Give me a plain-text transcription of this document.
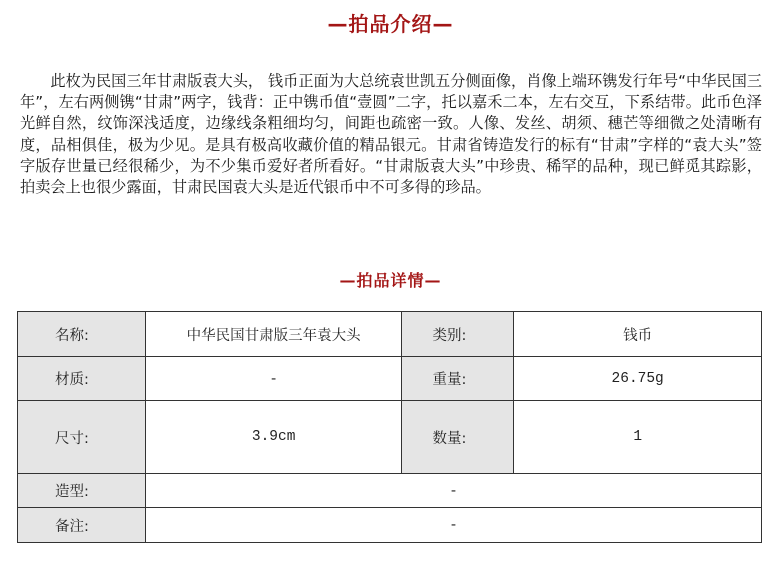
—拍品介绍—

此枚为民国三年甘肃版袁大头， 钱币正面为大总统袁世凯五分侧面像，肖像上端环镌发行年号“中华民国三年”，左右两侧镌“甘肃”两字，钱背：正中镌币值“壹圆”二字，托以嘉禾二本，左右交互，下系结带。此币色泽光鲜自然，纹饰深浅适度，边缘线条粗细均匀，间距也疏密一致。人像、发丝、胡须、穗芒等细微之处清晰有度，品相俱佳，极为少见。是具有极高收藏价值的精品银元。甘肃省铸造发行的标有“甘肃”字样的“袁大头”签字版存世量已经很稀少，为不少集币爱好者所看好。“甘肃版袁大头”中珍贵、稀罕的品种，现已鲜觅其踪影，拍卖会上也很少露面，甘肃民国袁大头是近代银币中不可多得的珍品。

—拍品详情—
名称:	中华民国甘肃版三年袁大头	类别:	钱币
材质:	-	重量:	26.75g
尺寸:	3.9cm	数量:	1
造型:	-		
备注:	-		
